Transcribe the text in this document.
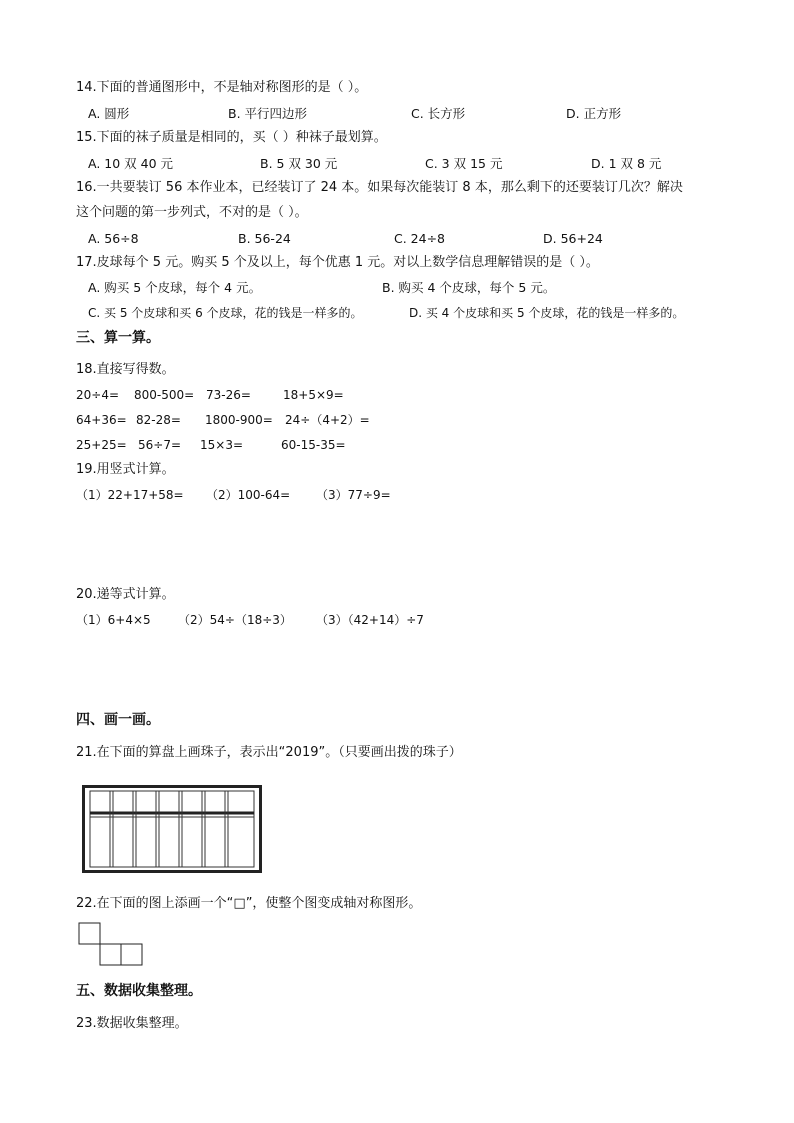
14.下面的普通图形中，不是轴对称图形的是（ ）。
A. 圆形	B. 平行四边形	C. 长方形	D. 正方形
15.下面的袜子质量是相同的，买（ ）种袜子最划算。
A. 10 双 40 元	B. 5 双 30 元	C. 3 双 15 元	D. 1 双 8 元
16.一共要装订 56 本作业本，已经装订了 24 本。如果每次能装订 8 本，那么剩下的还要装订几次？解决
这个问题的第一步列式，不对的是（ ）。
A. 56÷8	B. 56-24	C. 24÷8	D. 56+24
17.皮球每个 5 元。购买 5 个及以上，每个优惠 1 元。对以上数学信息理解错误的是（ ）。
A. 购买 5 个皮球，每个 4 元。	B. 购买 4 个皮球，每个 5 元。
C. 买 5 个皮球和买 6 个皮球，花的钱是一样多的。	D. 买 4 个皮球和买 5 个皮球，花的钱是一样多的。
三、算一算。
18.直接写得数。
20÷4= 800-500= 73-26=	18+5×9=
64+36= 82-28= 1800-900= 24÷（4+2）=
25+25= 56÷7= 15×3=	60-15-35=
19.用竖式计算。
（1）22+17+58= （2）100-64= （3）77÷9=
20.递等式计算。
（1）6+4×5 （2）54÷（18÷3） （3）（42+14）÷7
四、画一画。
21.在下面的算盘上画珠子，表示出“2019”。（只要画出拨的珠子）
22.在下面的图上添画一个“□”，使整个图变成轴对称图形。
五、数据收集整理。
23.数据收集整理。
